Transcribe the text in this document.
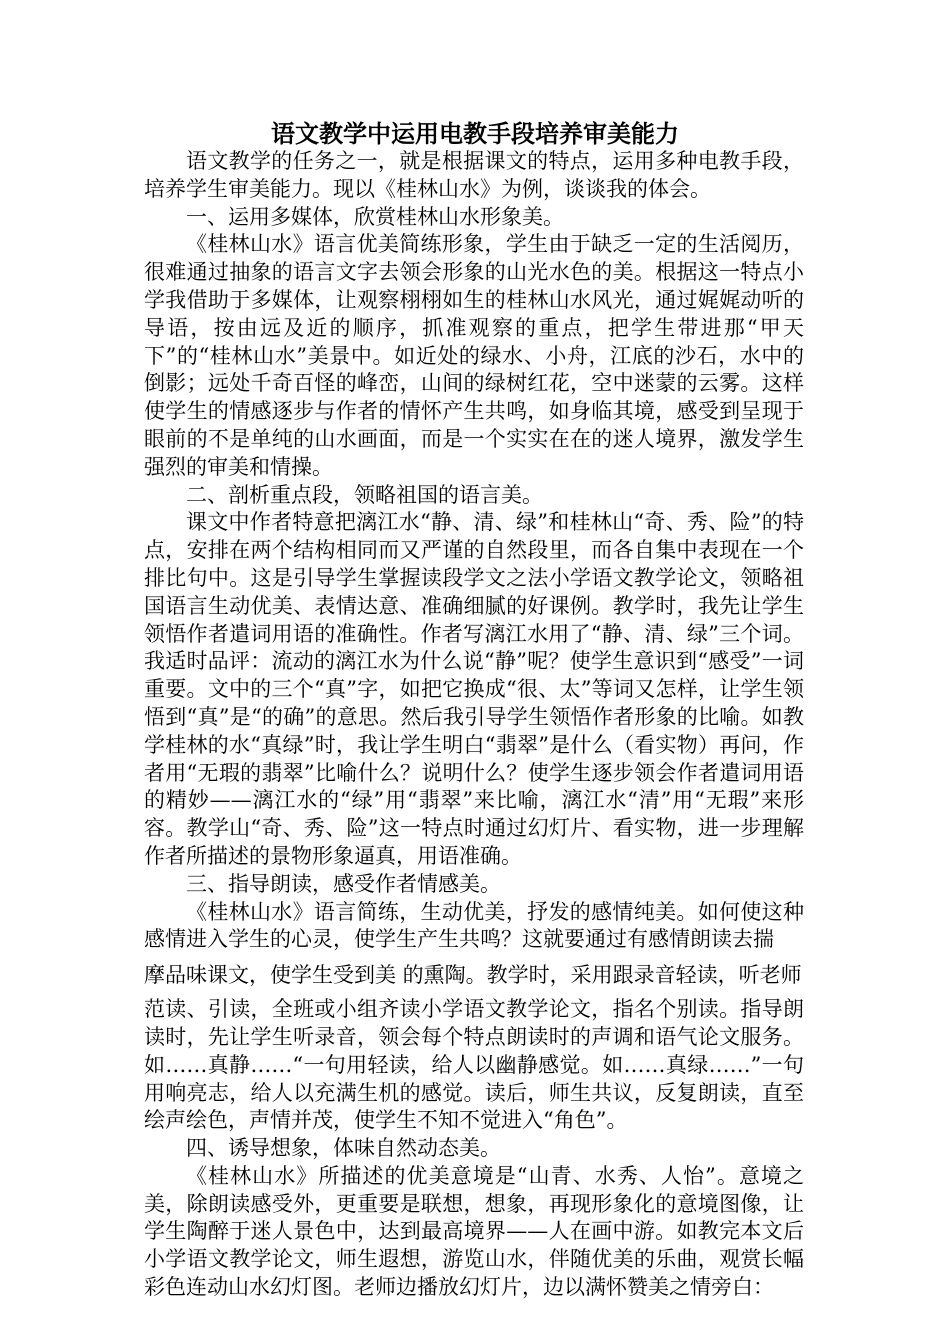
语文教学中运用电教手段培养审美能力

语文教学的任务之一，就是根据课文的特点，运用多种电教手段，培养学生审美能力。现以《桂林山水》为例，谈谈我的体会。

一、运用多媒体，欣赏桂林山水形象美。

《桂林山水》语言优美简练形象，学生由于缺乏一定的生活阅历，很难通过抽象的语言文字去领会形象的山光水色的美。根据这一特点小学我借助于多媒体，让观察栩栩如生的桂林山水风光，通过娓娓动听的导语，按由远及近的顺序，抓准观察的重点，把学生带进那“甲天下”的“桂林山水”美景中。如近处的绿水、小舟，江底的沙石，水中的倒影；远处千奇百怪的峰峦，山间的绿树红花，空中迷蒙的云雾。这样使学生的情感逐步与作者的情怀产生共鸣，如身临其境，感受到呈现于眼前的不是单纯的山水画面，而是一个实实在在的迷人境界，激发学生强烈的审美和情操。

二、剖析重点段，领略祖国的语言美。

课文中作者特意把漓江水“静、清、绿”和桂林山“奇、秀、险”的特点，安排在两个结构相同而又严谨的自然段里，而各自集中表现在一个排比句中。这是引导学生掌握读段学文之法小学语文教学论文，领略祖国语言生动优美、表情达意、准确细腻的好课例。教学时，我先让学生领悟作者遣词用语的准确性。作者写漓江水用了“静、清、绿”三个词。我适时品评：流动的漓江水为什么说“静”呢？使学生意识到“感受”一词重要。文中的三个“真”字，如把它换成“很、太”等词又怎样，让学生领悟到“真”是“的确”的意思。然后我引导学生领悟作者形象的比喻。如教学桂林的水“真绿”时，我让学生明白“翡翠”是什么（看实物）再问，作者用“无瑕的翡翠”比喻什么？说明什么？使学生逐步领会作者遣词用语的精妙——漓江水的“绿”用“翡翠”来比喻，漓江水“清”用“无瑕”来形容。教学山“奇、秀、险”这一特点时通过幻灯片、看实物，进一步理解作者所描述的景物形象逼真，用语准确。

三、指导朗读，感受作者情感美。

《桂林山水》语言简练，生动优美，抒发的感情纯美。如何使这种感情进入学生的心灵，使学生产生共鸣？这就要通过有感情朗读去揣

摩品味课文，使学生受到美 的熏陶。教学时，采用跟录音轻读，听老师

范读、引读，全班或小组齐读小学语文教学论文，指名个别读。指导朗读时，先让学生听录音，领会每个特点朗读时的声调和语气论文服务。如……真静……“一句用轻读，给人以幽静感觉。如……真绿……”一句用响亮志，给人以充满生机的感觉。读后，师生共议，反复朗读，直至绘声绘色，声情并茂，使学生不知不觉进入“角色”。

四、诱导想象，体味自然动态美。

《桂林山水》所描述的优美意境是“山青、水秀、人怡”。意境之美，除朗读感受外，更重要是联想，想象，再现形象化的意境图像，让学生陶醉于迷人景色中，达到最高境界——人在画中游。如教完本文后小学语文教学论文，师生遐想，游览山水，伴随优美的乐曲，观赏长幅彩色连动山水幻灯图。老师边播放幻灯片，边以满怀赞美之情旁白：
